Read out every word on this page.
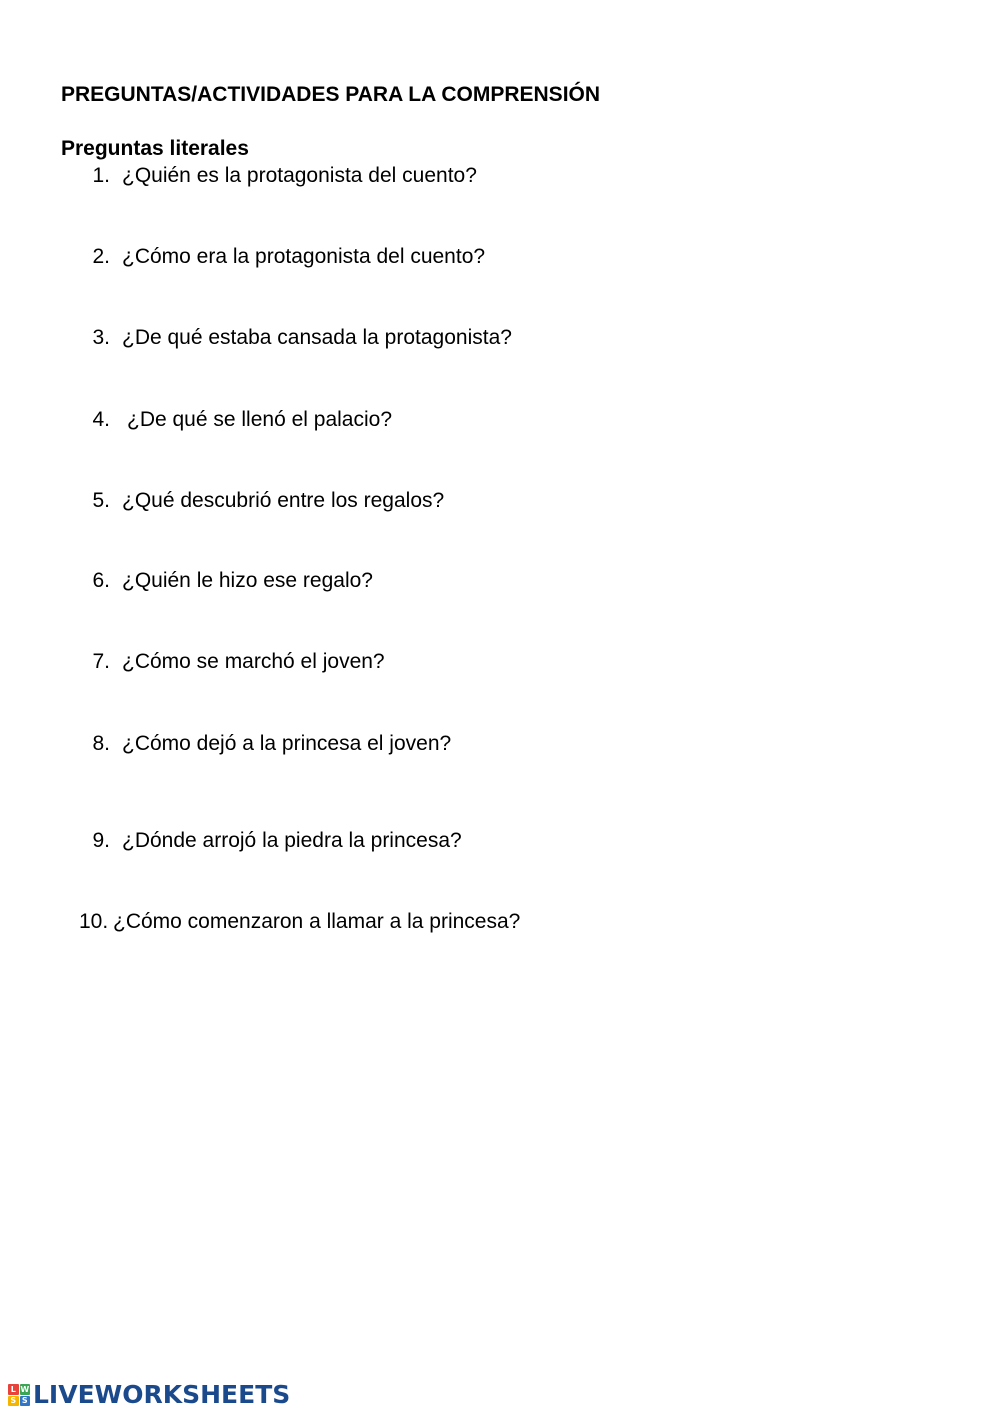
PREGUNTAS/ACTIVIDADES PARA LA COMPRENSIÓN
Preguntas literales
1. ¿Quién es la protagonista del cuento?
2. ¿Cómo era la protagonista del cuento?
3. ¿De qué estaba cansada la protagonista?
4. ¿De qué se llenó el palacio?
5. ¿Qué descubrió entre los regalos?
6. ¿Quién le hizo ese regalo?
7. ¿Cómo se marchó el joven?
8. ¿Cómo dejó a la princesa el joven?
9. ¿Dónde arrojó la piedra la princesa?
10. ¿Cómo comenzaron a llamar a la princesa?
L W
S S LIVEWORKSHEETS
